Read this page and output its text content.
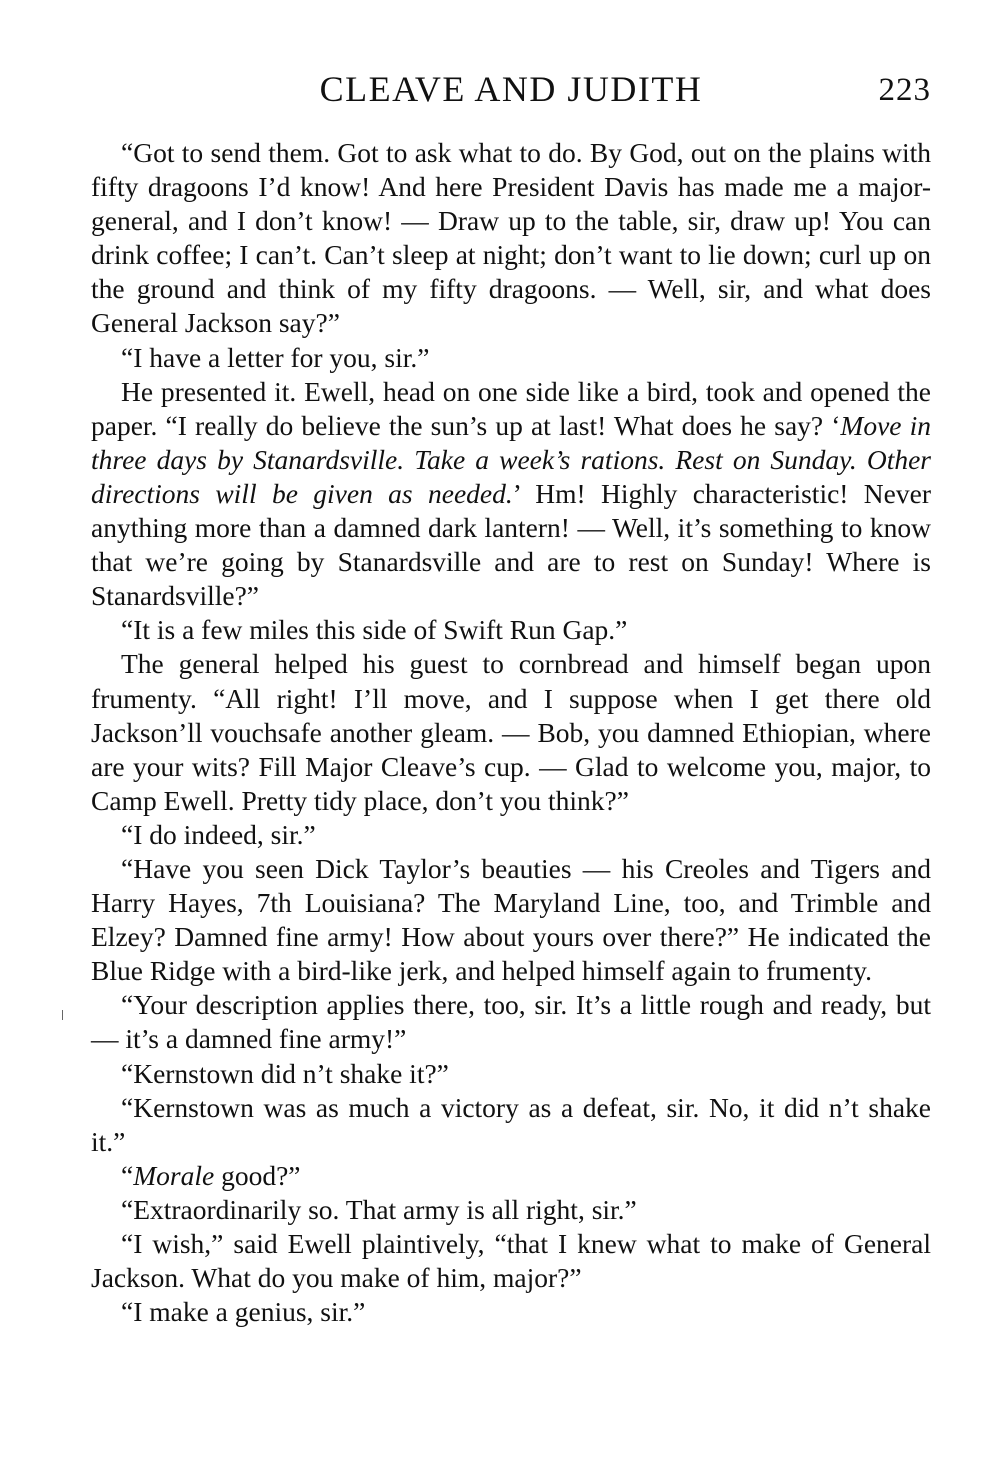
CLEAVE AND JUDITH	223

“Got to send them. Got to ask what to do. By God, out on the plains with fifty dragoons I’d know! And here President Davis has made me a major-general, and I don’t know! — Draw up to the table, sir, draw up! You can drink coffee; I can’t. Can’t sleep at night; don’t want to lie down; curl up on the ground and think of my fifty dragoons. — Well, sir, and what does General Jackson say?”

“I have a letter for you, sir.”

He presented it. Ewell, head on one side like a bird, took and opened the paper. “I really do believe the sun’s up at last! What does he say? ‘Move in three days by Stanardsville. Take a week’s rations. Rest on Sunday. Other directions will be given as needed.’ Hm! Highly characteristic! Never anything more than a damned dark lantern! — Well, it’s something to know that we’re going by Stanardsville and are to rest on Sunday! Where is Stanardsville?”

“It is a few miles this side of Swift Run Gap.”

The general helped his guest to cornbread and himself began upon frumenty. “All right! I’ll move, and I suppose when I get there old Jackson’ll vouchsafe another gleam. — Bob, you damned Ethiopian, where are your wits? Fill Major Cleave’s cup. — Glad to welcome you, major, to Camp Ewell. Pretty tidy place, don’t you think?”

“I do indeed, sir.”

“Have you seen Dick Taylor’s beauties — his Creoles and Tigers and Harry Hayes, 7th Louisiana? The Maryland Line, too, and Trimble and Elzey? Damned fine army! How about yours over there?” He indicated the Blue Ridge with a bird-like jerk, and helped himself again to frumenty.

“Your description applies there, too, sir. It’s a little rough and ready, but — it’s a damned fine army!”

“Kernstown did n’t shake it?”

“Kernstown was as much a victory as a defeat, sir. No, it did n’t shake it.”

“Morale good?”

“Extraordinarily so. That army is all right, sir.”

“I wish,” said Ewell plaintively, “that I knew what to make of General Jackson. What do you make of him, major?”

“I make a genius, sir.”
